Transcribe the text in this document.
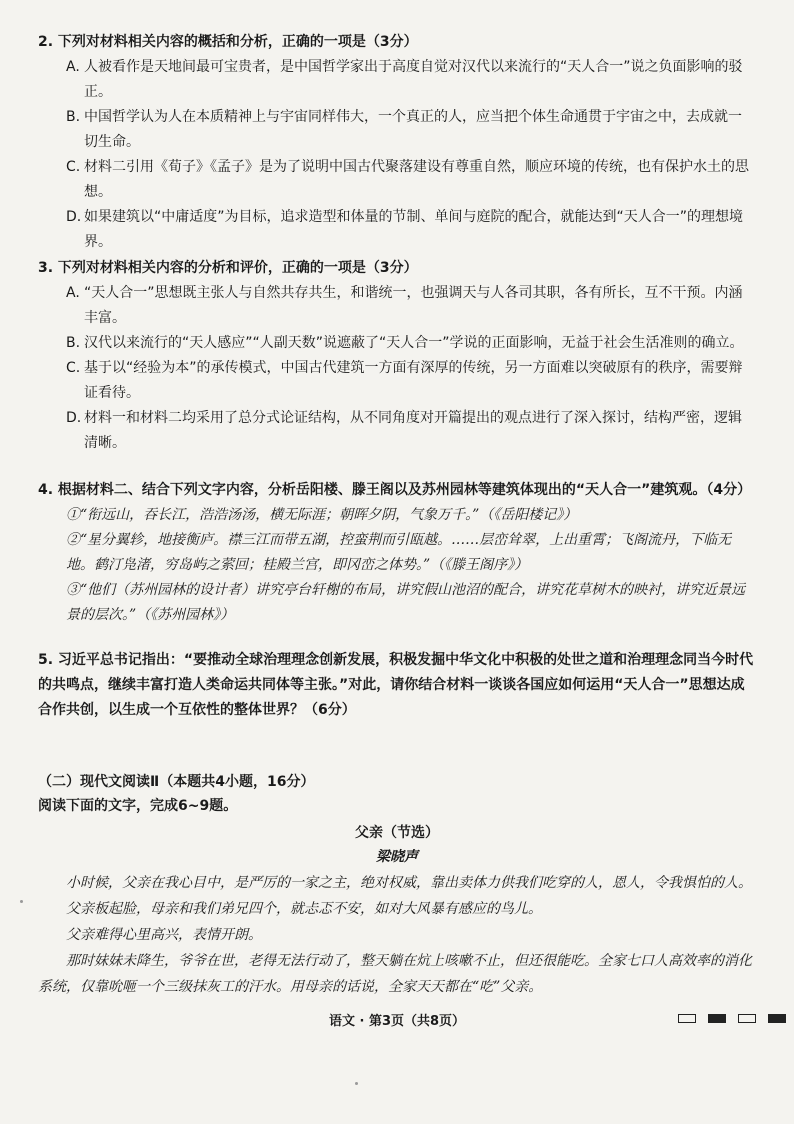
2. 下列对材料相关内容的概括和分析，正确的一项是（3分）
A. 人被看作是天地间最可宝贵者，是中国哲学家出于高度自觉对汉代以来流行的“天人合一”说之负面影响的驳正。
B. 中国哲学认为人在本质精神上与宇宙同样伟大，一个真正的人，应当把个体生命通贯于宇宙之中，去成就一切生命。
C. 材料二引用《荀子》《孟子》是为了说明中国古代聚落建设有尊重自然，顺应环境的传统，也有保护水土的思想。
D. 如果建筑以“中庸适度”为目标，追求造型和体量的节制、单间与庭院的配合，就能达到“天人合一”的理想境界。
3. 下列对材料相关内容的分析和评价，正确的一项是（3分）
A. “天人合一”思想既主张人与自然共存共生，和谐统一，也强调天与人各司其职，各有所长，互不干预。内涵丰富。
B. 汉代以来流行的“天人感应”“人副天数”说遮蔽了“天人合一”学说的正面影响，无益于社会生活准则的确立。
C. 基于以“经验为本”的承传模式，中国古代建筑一方面有深厚的传统，另一方面难以突破原有的秩序，需要辩证看待。
D. 材料一和材料二均采用了总分式论证结构，从不同角度对开篇提出的观点进行了深入探讨，结构严密，逻辑清晰。
4. 根据材料二、结合下列文字内容，分析岳阳楼、滕王阁以及苏州园林等建筑体现出的“天人合一”建筑观。（4分）
①“衔远山，吞长江，浩浩汤汤，横无际涯；朝晖夕阴，气象万千。”（《岳阳楼记》）
②“星分翼轸，地接衡庐。襟三江而带五湖，控蛮荆而引瓯越。……层峦耸翠，上出重霄；飞阁流丹，下临无地。鹤汀凫渚，穷岛屿之萦回；桂殿兰宫，即冈峦之体势。”（《滕王阁序》）
③“他们（苏州园林的设计者）讲究亭台轩榭的布局，讲究假山池沼的配合，讲究花草树木的映衬，讲究近景远景的层次。”（《苏州园林》）
5. 习近平总书记指出：“要推动全球治理理念创新发展，积极发掘中华文化中积极的处世之道和治理理念同当今时代的共鸣点，继续丰富打造人类命运共同体等主张。”对此，请你结合材料一谈谈各国应如何运用“天人合一”思想达成合作共创，以生成一个互依性的整体世界？（6分）
（二）现代文阅读Ⅱ（本题共4小题，16分）
阅读下面的文字，完成6~9题。
父亲（节选）
梁晓声

小时候，父亲在我心目中，是严厉的一家之主，绝对权威，靠出卖体力供我们吃穿的人，恩人，令我惧怕的人。

父亲板起脸，母亲和我们弟兄四个，就忐忑不安，如对大风暴有感应的鸟儿。

父亲难得心里高兴，表情开朗。

那时妹妹未降生，爷爷在世，老得无法行动了，整天躺在炕上咳嗽不止，但还很能吃。全家七口人高效率的消化系统，仅靠吮咂一个三级抹灰工的汗水。用母亲的话说，全家天天都在“吃”父亲。

语文 · 第3页（共8页）
